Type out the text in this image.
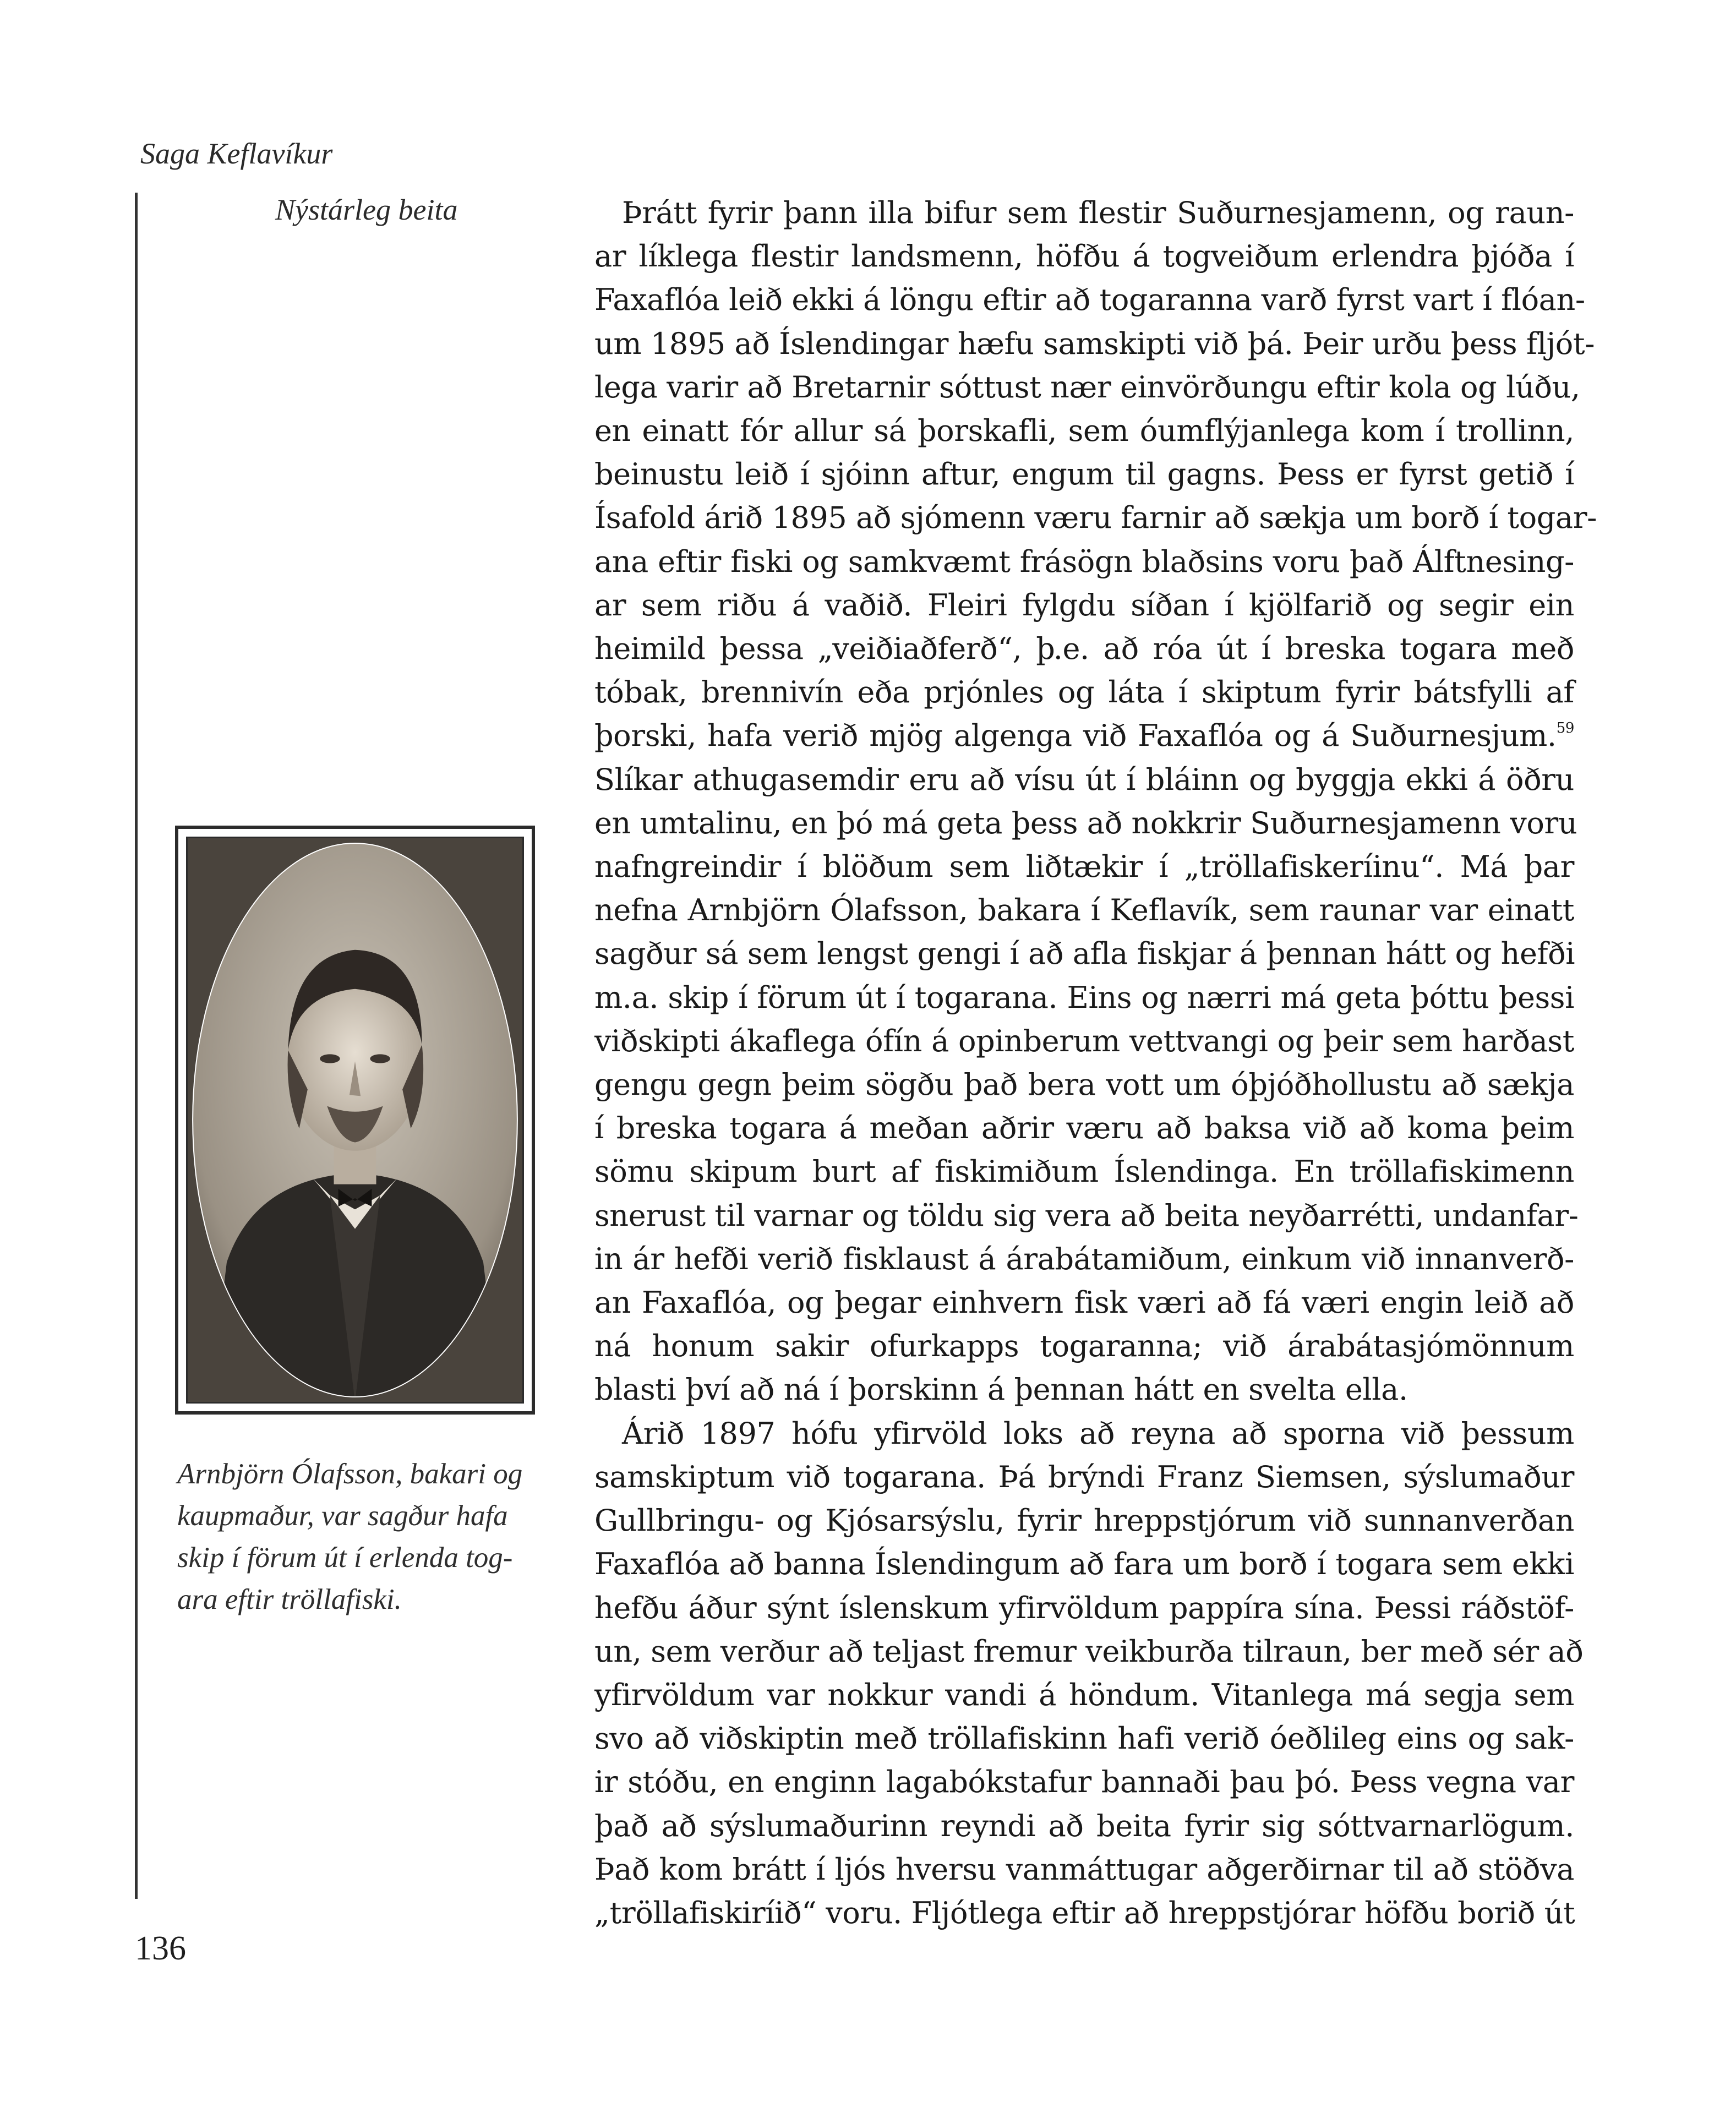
Saga Keflavíkur
Nýstárleg beita
Arnbjörn Ólafsson, bakari og
kaupmaður, var sagður hafa
skip í förum út í erlenda tog-
ara eftir tröllafiski.
Þrátt fyrir þann illa bifur sem flestir Suðurnesjamenn, og raun-
ar líklega flestir landsmenn, höfðu á togveiðum erlendra þjóða í
Faxaflóa leið ekki á löngu eftir að togaranna varð fyrst vart í flóan-
um 1895 að Íslendingar hæfu samskipti við þá. Þeir urðu þess fljót-
lega varir að Bretarnir sóttust nær einvörðungu eftir kola og lúðu,
en einatt fór allur sá þorskafli, sem óumflýjanlega kom í trollinn,
beinustu leið í sjóinn aftur, engum til gagns. Þess er fyrst getið í
Ísafold árið 1895 að sjómenn væru farnir að sækja um borð í togar-
ana eftir fiski og samkvæmt frásögn blaðsins voru það Álftnesing-
ar sem riðu á vaðið. Fleiri fylgdu síðan í kjölfarið og segir ein
heimild þessa „veiðiaðferð“, þ.e. að róa út í breska togara með
tóbak, brennivín eða prjónles og láta í skiptum fyrir bátsfylli af
þorski, hafa verið mjög algenga við Faxaflóa og á Suðurnesjum.$^{59}$
Slíkar athugasemdir eru að vísu út í bláinn og byggja ekki á öðru
en umtalinu, en þó má geta þess að nokkrir Suðurnesjamenn voru
nafngreindir í blöðum sem liðtækir í „tröllafiskeríinu“. Má þar
nefna Arnbjörn Ólafsson, bakara í Keflavík, sem raunar var einatt
sagður sá sem lengst gengi í að afla fiskjar á þennan hátt og hefði
m.a. skip í förum út í togarana. Eins og nærri má geta þóttu þessi
viðskipti ákaflega ófín á opinberum vettvangi og þeir sem harðast
gengu gegn þeim sögðu það bera vott um óþjóðhollustu að sækja
í breska togara á meðan aðrir væru að baksa við að koma þeim
sömu skipum burt af fiskimiðum Íslendinga. En tröllafiskimenn
snerust til varnar og töldu sig vera að beita neyðarrétti, undanfar-
in ár hefði verið fisklaust á árabátamiðum, einkum við innanverð-
an Faxaflóa, og þegar einhvern fisk væri að fá væri engin leið að
ná honum sakir ofurkapps togaranna; við árabátasjómönnum
blasti því að ná í þorskinn á þennan hátt en svelta ella.
Árið 1897 hófu yfirvöld loks að reyna að sporna við þessum
samskiptum við togarana. Þá brýndi Franz Siemsen, sýslumaður
Gullbringu- og Kjósarsýslu, fyrir hreppstjórum við sunnanverðan
Faxaflóa að banna Íslendingum að fara um borð í togara sem ekki
hefðu áður sýnt íslenskum yfirvöldum pappíra sína. Þessi ráðstöf-
un, sem verður að teljast fremur veikburða tilraun, ber með sér að
yfirvöldum var nokkur vandi á höndum. Vitanlega má segja sem
svo að viðskiptin með tröllafiskinn hafi verið óeðlileg eins og sak-
ir stóðu, en enginn lagabókstafur bannaði þau þó. Þess vegna var
það að sýslumaðurinn reyndi að beita fyrir sig sóttvarnarlögum.
Það kom brátt í ljós hversu vanmáttugar aðgerðirnar til að stöðva
„tröllafiskiríið“ voru. Fljótlega eftir að hreppstjórar höfðu borið út
136
